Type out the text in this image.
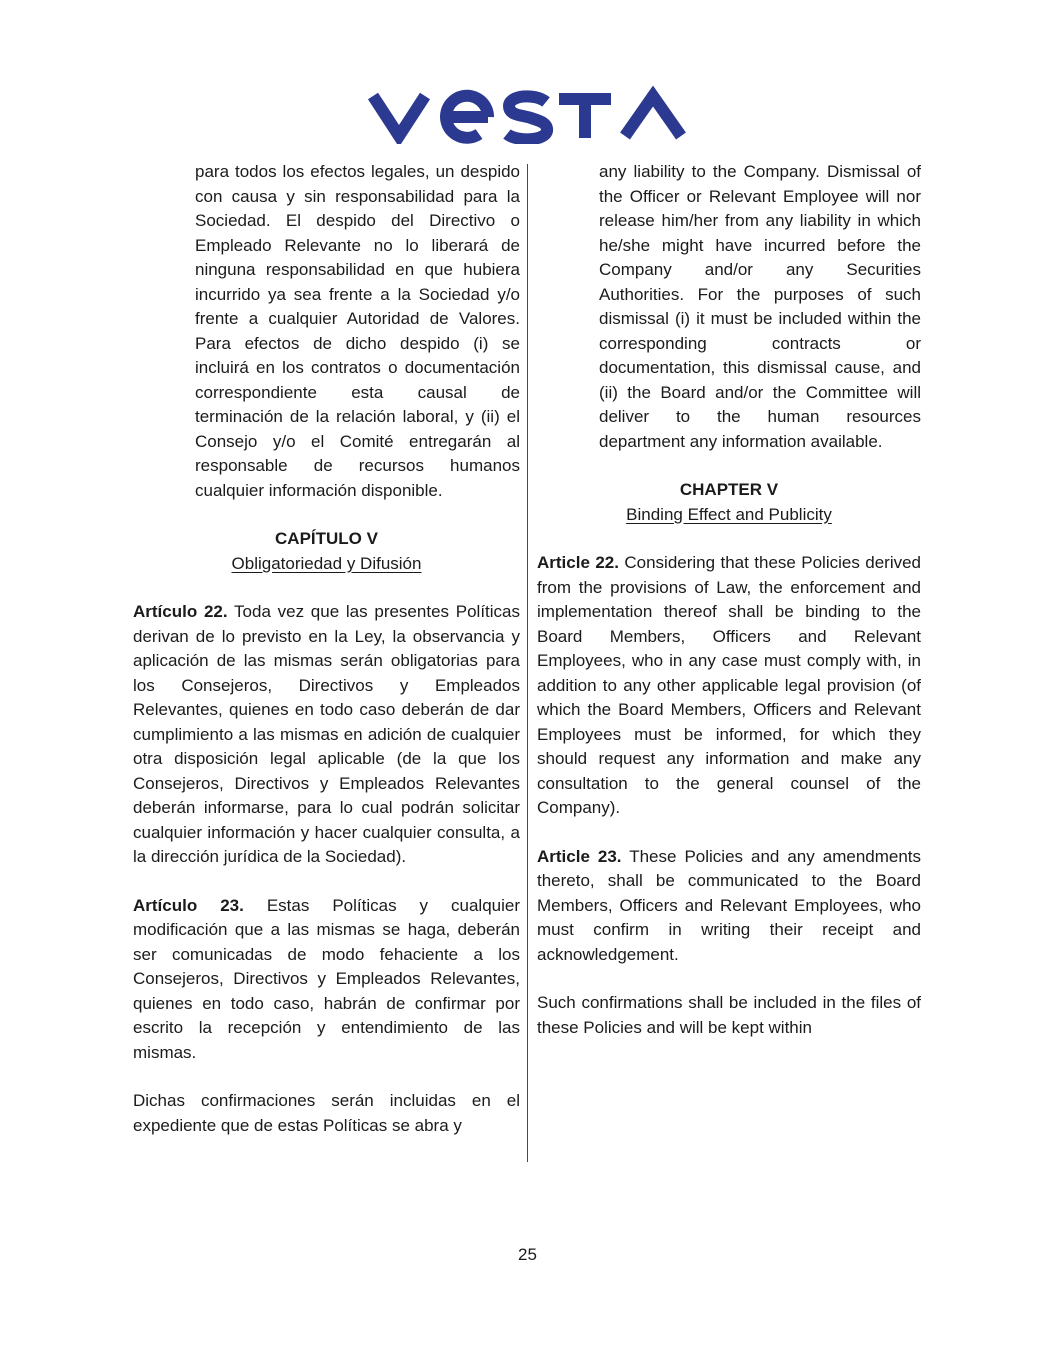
para todos los efectos legales, un despido con causa y sin responsabilidad para la Sociedad. El despido del Directivo o Empleado Relevante no lo liberará de ninguna responsabilidad en que hubiera incurrido ya sea frente a la Sociedad y/o frente a cualquier Autoridad de Valores. Para efectos de dicho despido (i) se incluirá en los contratos o documentación correspondiente esta causal de terminación de la relación laboral, y (ii) el Consejo y/o el Comité entregarán al responsable de recursos humanos cualquier información disponible.

CAPÍTULO V

Obligatoriedad y Difusión

Artículo 22. Toda vez que las presentes Políticas derivan de lo previsto en la Ley, la observancia y aplicación de las mismas serán obligatorias para los Consejeros, Directivos y Empleados Relevantes, quienes en todo caso deberán de dar cumplimiento a las mismas en adición de cualquier otra disposición legal aplicable (de la que los Consejeros, Directivos y Empleados Relevantes deberán informarse, para lo cual podrán solicitar cualquier información y hacer cualquier consulta, a la dirección jurídica de la Sociedad).

Artículo 23. Estas Políticas y cualquier modificación que a las mismas se haga, deberán ser comunicadas de modo fehaciente a los Consejeros, Directivos y Empleados Relevantes, quienes en todo caso, habrán de confirmar por escrito la recepción y entendimiento de las mismas.

Dichas confirmaciones serán incluidas en el expediente que de estas Políticas se abra y

any liability to the Company. Dismissal of the Officer or Relevant Employee will nor release him/her from any liability in which he/she might have incurred before the Company and/or any Securities Authorities. For the purposes of such dismissal (i) it must be included within the corresponding contracts or documentation, this dismissal cause, and (ii) the Board and/or the Committee will deliver to the human resources department any information available.

CHAPTER V

Binding Effect and Publicity

Article 22. Considering that these Policies derived from the provisions of Law, the enforcement and implementation thereof shall be binding to the Board Members, Officers and Relevant Employees, who in any case must comply with, in addition to any other applicable legal provision (of which the Board Members, Officers and Relevant Employees must be informed, for which they should request any information and make any consultation to the general counsel of the Company).

Article 23. These Policies and any amendments thereto, shall be communicated to the Board Members, Officers and Relevant Employees, who must confirm in writing their receipt and acknowledgement.

Such confirmations shall be included in the files of these Policies and will be kept within

25
